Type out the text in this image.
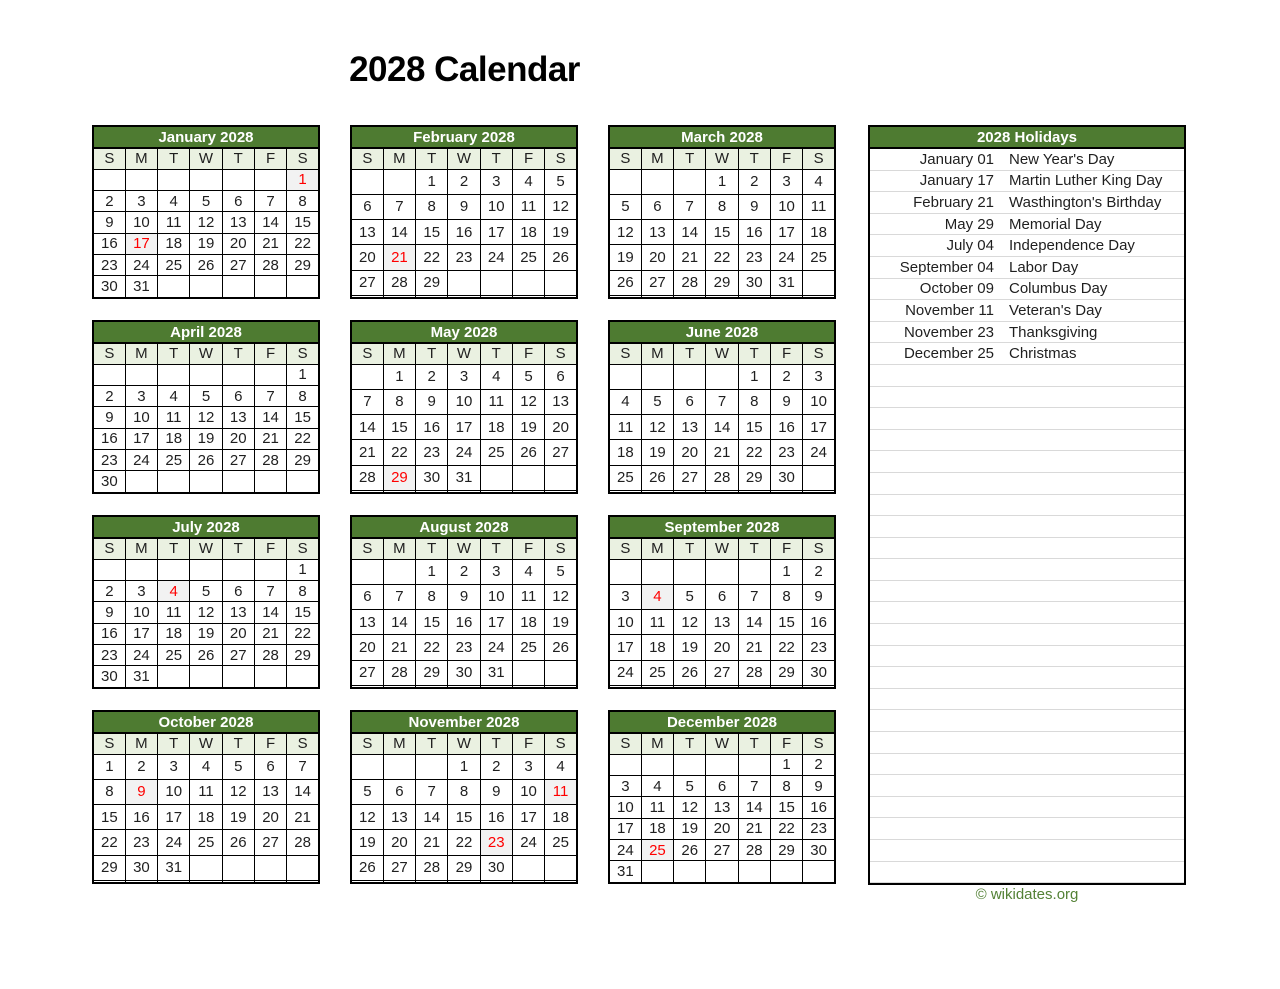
2028 Calendar
January 2028						
S	M	T	W	T	F	S
						1
2	3	4	5	6	7	8
9	10	11	12	13	14	15
16	17	18	19	20	21	22
23	24	25	26	27	28	29
30	31					
February 2028						
S	M	T	W	T	F	S
		1	2	3	4	5
6	7	8	9	10	11	12
13	14	15	16	17	18	19
20	21	22	23	24	25	26
27	28	29				

March 2028						
S	M	T	W	T	F	S
			1	2	3	4
5	6	7	8	9	10	11
12	13	14	15	16	17	18
19	20	21	22	23	24	25
26	27	28	29	30	31	

April 2028						
S	M	T	W	T	F	S
						1
2	3	4	5	6	7	8
9	10	11	12	13	14	15
16	17	18	19	20	21	22
23	24	25	26	27	28	29
30						
May 2028						
S	M	T	W	T	F	S
	1	2	3	4	5	6
7	8	9	10	11	12	13
14	15	16	17	18	19	20
21	22	23	24	25	26	27
28	29	30	31			

June 2028						
S	M	T	W	T	F	S
				1	2	3
4	5	6	7	8	9	10
11	12	13	14	15	16	17
18	19	20	21	22	23	24
25	26	27	28	29	30	

July 2028						
S	M	T	W	T	F	S
						1
2	3	4	5	6	7	8
9	10	11	12	13	14	15
16	17	18	19	20	21	22
23	24	25	26	27	28	29
30	31					
August 2028						
S	M	T	W	T	F	S
		1	2	3	4	5
6	7	8	9	10	11	12
13	14	15	16	17	18	19
20	21	22	23	24	25	26
27	28	29	30	31		

September 2028						
S	M	T	W	T	F	S
					1	2
3	4	5	6	7	8	9
10	11	12	13	14	15	16
17	18	19	20	21	22	23
24	25	26	27	28	29	30

October 2028						
S	M	T	W	T	F	S
1	2	3	4	5	6	7
8	9	10	11	12	13	14
15	16	17	18	19	20	21
22	23	24	25	26	27	28
29	30	31				

November 2028						
S	M	T	W	T	F	S
			1	2	3	4
5	6	7	8	9	10	11
12	13	14	15	16	17	18
19	20	21	22	23	24	25
26	27	28	29	30		

December 2028						
S	M	T	W	T	F	S
					1	2
3	4	5	6	7	8	9
10	11	12	13	14	15	16
17	18	19	20	21	22	23
24	25	26	27	28	29	30
31						
2028 Holidays
January 01	New Year's Day
January 17	Martin Luther King Day
February 21	Wasthington's Birthday
May 29	Memorial Day
July 04	Independence Day
September 04	Labor Day
October 09	Columbus Day
November 11	Veteran's Day
November 23	Thanksgiving
December 25	Christmas
© wikidates.org
